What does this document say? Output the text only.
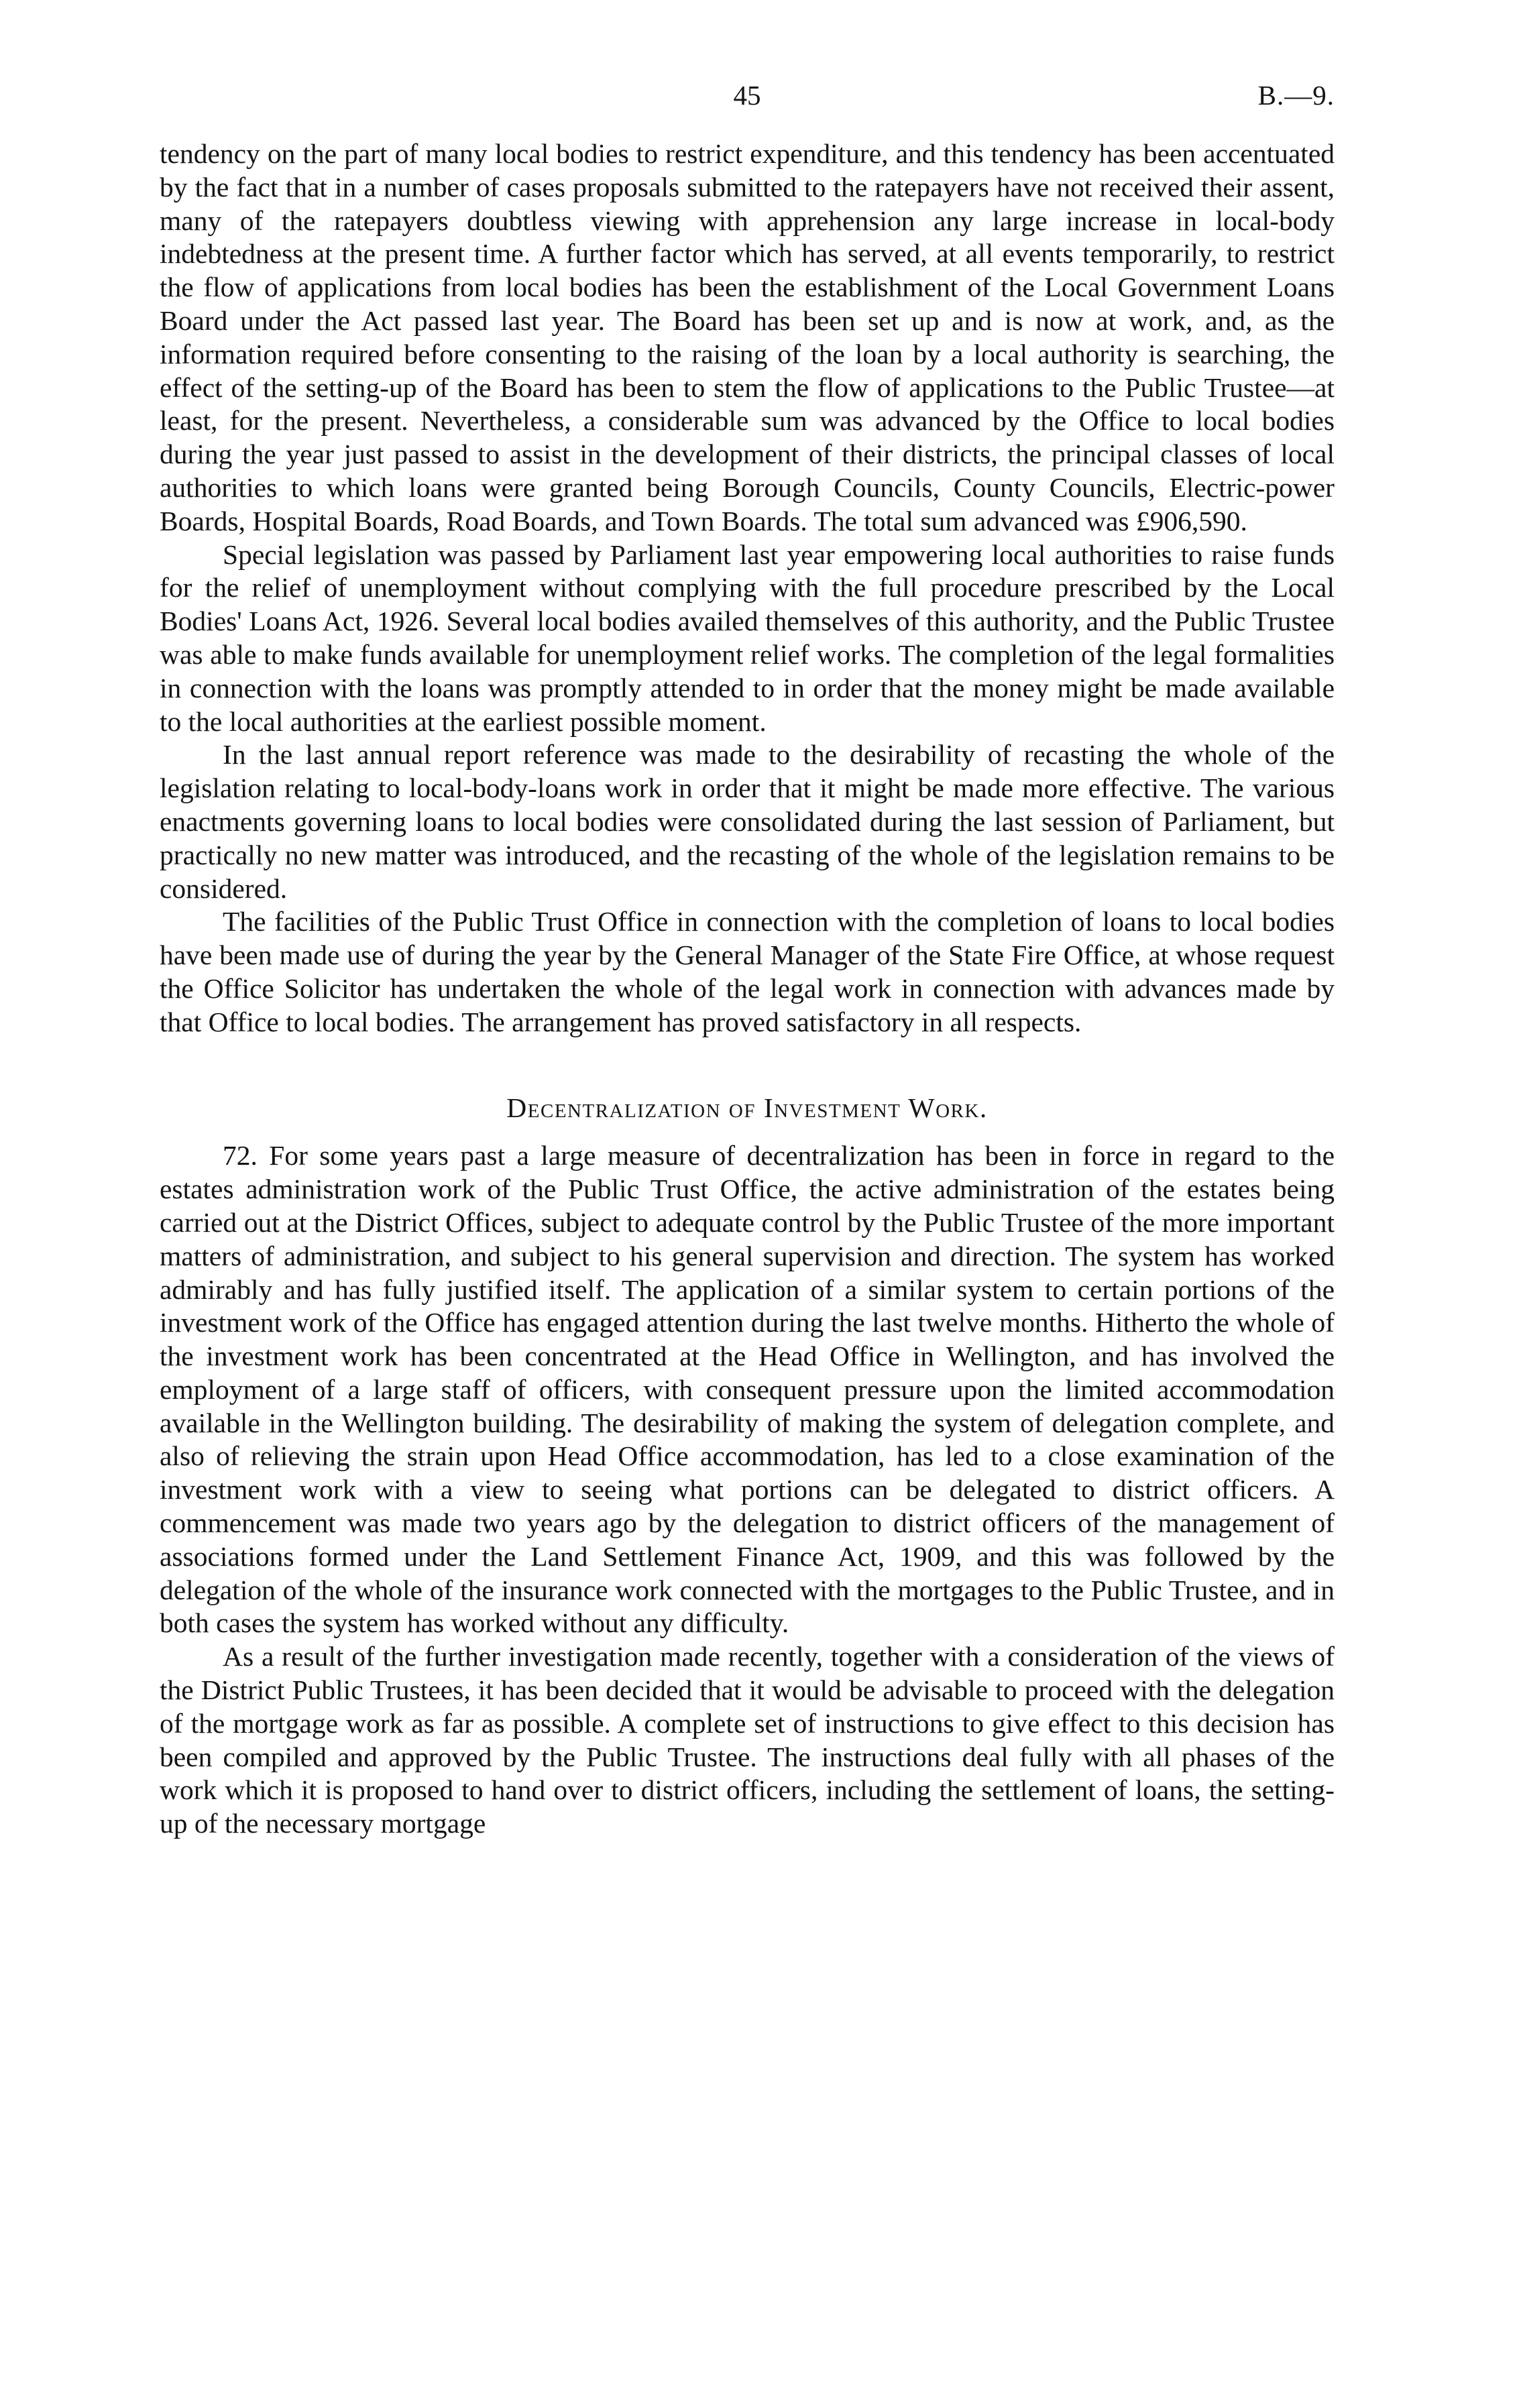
45	B.—9.

tendency on the part of many local bodies to restrict expenditure, and this tendency has been accentuated by the fact that in a number of cases proposals submitted to the ratepayers have not received their assent, many of the ratepayers doubtless viewing with apprehension any large increase in local-body indebtedness at the present time. A further factor which has served, at all events temporarily, to restrict the flow of applications from local bodies has been the establishment of the Local Government Loans Board under the Act passed last year. The Board has been set up and is now at work, and, as the information required before consenting to the raising of the loan by a local authority is searching, the effect of the setting-up of the Board has been to stem the flow of applications to the Public Trustee—at least, for the present. Nevertheless, a considerable sum was advanced by the Office to local bodies during the year just passed to assist in the development of their districts, the principal classes of local authorities to which loans were granted being Borough Councils, County Councils, Electric-power Boards, Hospital Boards, Road Boards, and Town Boards. The total sum advanced was £906,590.

Special legislation was passed by Parliament last year empowering local authorities to raise funds for the relief of unemployment without complying with the full procedure prescribed by the Local Bodies' Loans Act, 1926. Several local bodies availed themselves of this authority, and the Public Trustee was able to make funds available for unemployment relief works. The completion of the legal formalities in connection with the loans was promptly attended to in order that the money might be made available to the local authorities at the earliest possible moment.

In the last annual report reference was made to the desirability of recasting the whole of the legislation relating to local-body-loans work in order that it might be made more effective. The various enactments governing loans to local bodies were consolidated during the last session of Parliament, but practically no new matter was introduced, and the recasting of the whole of the legislation remains to be considered.

The facilities of the Public Trust Office in connection with the completion of loans to local bodies have been made use of during the year by the General Manager of the State Fire Office, at whose request the Office Solicitor has undertaken the whole of the legal work in connection with advances made by that Office to local bodies. The arrangement has proved satisfactory in all respects.

Decentralization of Investment Work.

72. For some years past a large measure of decentralization has been in force in regard to the estates administration work of the Public Trust Office, the active administration of the estates being carried out at the District Offices, subject to adequate control by the Public Trustee of the more important matters of administration, and subject to his general supervision and direction. The system has worked admirably and has fully justified itself. The application of a similar system to certain portions of the investment work of the Office has engaged attention during the last twelve months. Hitherto the whole of the investment work has been concentrated at the Head Office in Wellington, and has involved the employment of a large staff of officers, with consequent pressure upon the limited accommodation available in the Wellington building. The desirability of making the system of delegation complete, and also of relieving the strain upon Head Office accommodation, has led to a close examination of the investment work with a view to seeing what portions can be delegated to district officers. A commencement was made two years ago by the delegation to district officers of the management of associations formed under the Land Settlement Finance Act, 1909, and this was followed by the delegation of the whole of the insurance work connected with the mortgages to the Public Trustee, and in both cases the system has worked without any difficulty.

As a result of the further investigation made recently, together with a consideration of the views of the District Public Trustees, it has been decided that it would be advisable to proceed with the delegation of the mortgage work as far as possible. A complete set of instructions to give effect to this decision has been compiled and approved by the Public Trustee. The instructions deal fully with all phases of the work which it is proposed to hand over to district officers, including the settlement of loans, the setting-up of the necessary mortgage
